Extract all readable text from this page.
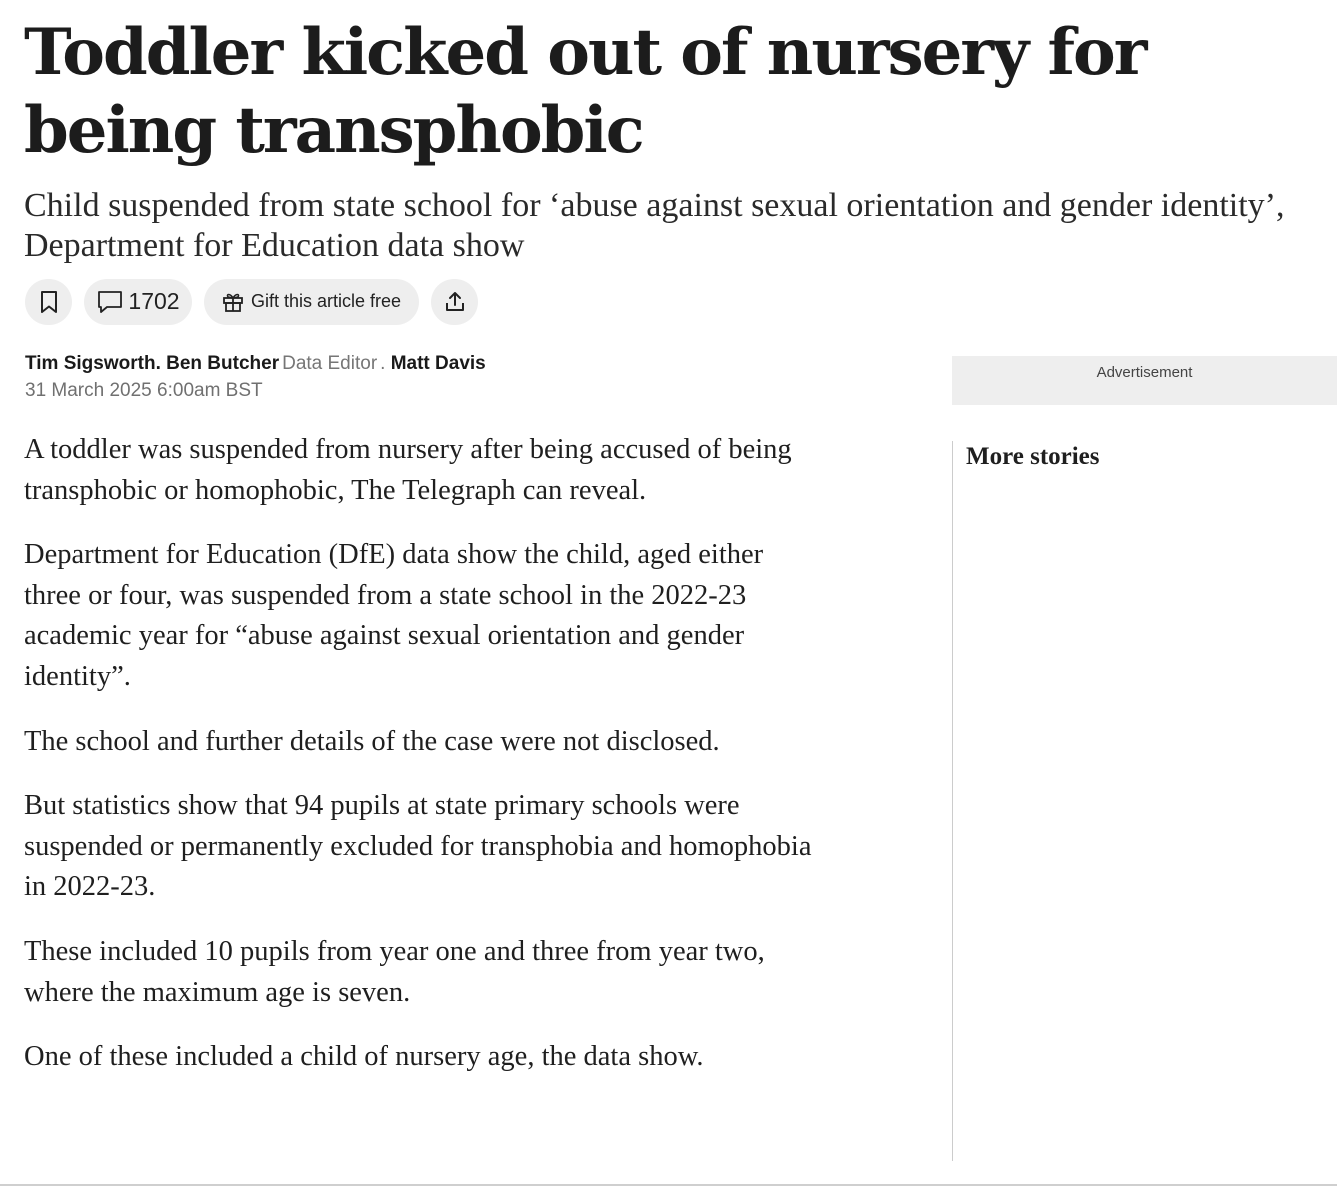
Toddler kicked out of nursery for being transphobic

Child suspended from state school for ‘abuse against sexual orientation and gender identity’, Department for Education data show

1702	Gift this article free
Tim Sigsworth. Ben Butcher Data Editor . Matt Davis
31 March 2025 6:00am BST

A toddler was suspended from nursery after being accused of being transphobic or homophobic, The Telegraph can reveal.

Department for Education (DfE) data show the child, aged either three or four, was suspended from a state school in the 2022-23 academic year for “abuse against sexual orientation and gender identity”.

The school and further details of the case were not disclosed.

But statistics show that 94 pupils at state primary schools were suspended or permanently excluded for transphobia and homophobia in 2022-23.

These included 10 pupils from year one and three from year two, where the maximum age is seven.

One of these included a child of nursery age, the data show.

Advertisement
More stories
